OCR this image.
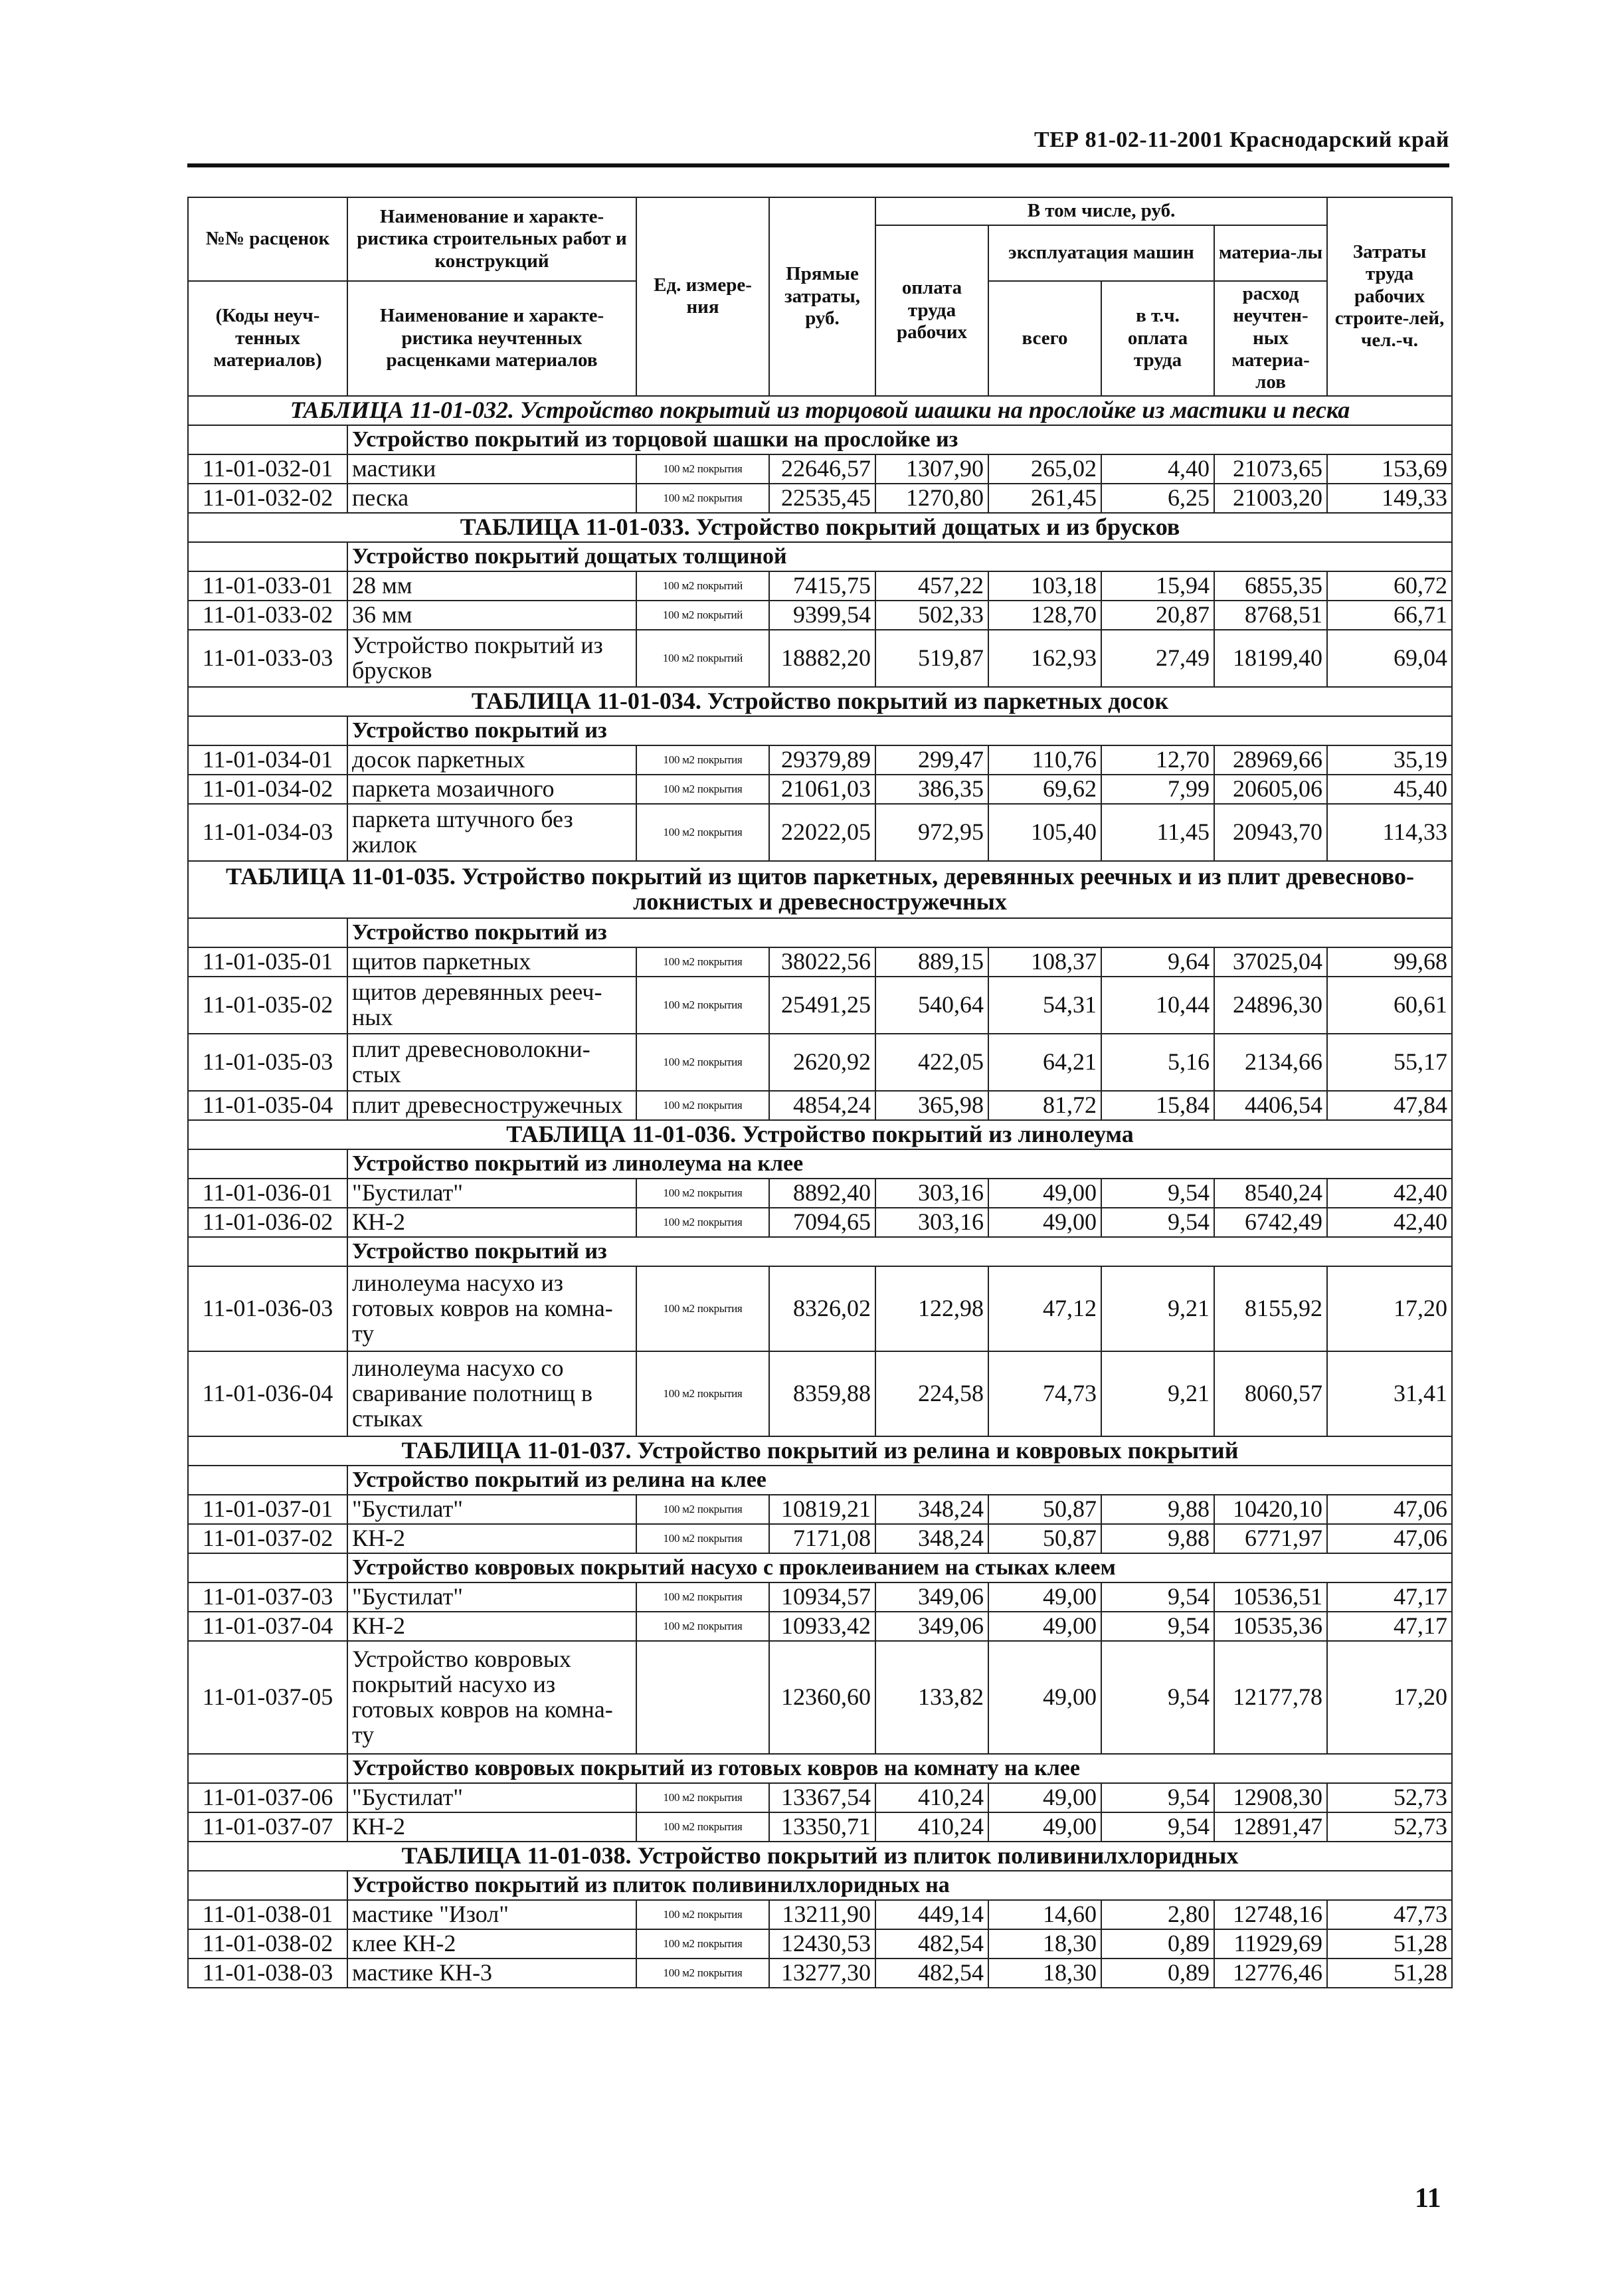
ТЕР 81-02-11-2001 Краснодарский край
№№ расценок	Наименование и характе-ристика строительных работ и конструкций	Ед. измере-ния	Прямые затраты, руб.	В том числе, руб.				Затраты труда рабочих строите-лей, чел.-ч.
				оплата труда рабочих	эксплуатация машин		материа-лы	

(Коды неуч-тенных материалов)	Наименование и характе-ристика неучтенных расценками материалов				всего	в т.ч. оплата труда	расход неучтен-ных материа-лов	

ТАБЛИЦА 11-01-032. Устройство покрытий из торцовой шашки на прослойке из мастики и песка								
	Устройство покрытий из торцовой шашки на прослойке из							
11-01-032-01	мастики	100 м2 покрытия	22646,57	1307,90	265,02	4,40	21073,65	153,69
11-01-032-02	песка	100 м2 покрытия	22535,45	1270,80	261,45	6,25	21003,20	149,33
ТАБЛИЦА 11-01-033. Устройство покрытий дощатых и из брусков								
	Устройство покрытий дощатых толщиной							
11-01-033-01	28 мм	100 м2 покрытий	7415,75	457,22	103,18	15,94	6855,35	60,72
11-01-033-02	36 мм	100 м2 покрытий	9399,54	502,33	128,70	20,87	8768,51	66,71
11-01-033-03	Устройство покрытий из брусков	100 м2 покрытий	18882,20	519,87	162,93	27,49	18199,40	69,04
ТАБЛИЦА 11-01-034. Устройство покрытий из паркетных досок								
	Устройство покрытий из							
11-01-034-01	досок паркетных	100 м2 покрытия	29379,89	299,47	110,76	12,70	28969,66	35,19
11-01-034-02	паркета мозаичного	100 м2 покрытия	21061,03	386,35	69,62	7,99	20605,06	45,40
11-01-034-03	паркета штучного без жилок	100 м2 покрытия	22022,05	972,95	105,40	11,45	20943,70	114,33
ТАБЛИЦА 11-01-035. Устройство покрытий из щитов паркетных, деревянных реечных и из плит древесново-локнистых и древесностружечных								
	Устройство покрытий из							
11-01-035-01	щитов паркетных	100 м2 покрытия	38022,56	889,15	108,37	9,64	37025,04	99,68
11-01-035-02	щитов деревянных рееч-ных	100 м2 покрытия	25491,25	540,64	54,31	10,44	24896,30	60,61
11-01-035-03	плит древесноволокни-стых	100 м2 покрытия	2620,92	422,05	64,21	5,16	2134,66	55,17
11-01-035-04	плит древесностружечных	100 м2 покрытия	4854,24	365,98	81,72	15,84	4406,54	47,84
ТАБЛИЦА 11-01-036. Устройство покрытий из линолеума								
	Устройство покрытий из линолеума на клее							
11-01-036-01	"Бустилат"	100 м2 покрытия	8892,40	303,16	49,00	9,54	8540,24	42,40
11-01-036-02	КН-2	100 м2 покрытия	7094,65	303,16	49,00	9,54	6742,49	42,40
	Устройство покрытий из							
11-01-036-03	линолеума насухо из готовых ковров на комна-ту	100 м2 покрытия	8326,02	122,98	47,12	9,21	8155,92	17,20
11-01-036-04	линолеума насухо со сваривание полотнищ в стыках	100 м2 покрытия	8359,88	224,58	74,73	9,21	8060,57	31,41
ТАБЛИЦА 11-01-037. Устройство покрытий из релина и ковровых покрытий								
	Устройство покрытий из релина на клее							
11-01-037-01	"Бустилат"	100 м2 покрытия	10819,21	348,24	50,87	9,88	10420,10	47,06
11-01-037-02	КН-2	100 м2 покрытия	7171,08	348,24	50,87	9,88	6771,97	47,06
	Устройство ковровых покрытий насухо с проклеиванием на стыках клеем							
11-01-037-03	"Бустилат"	100 м2 покрытия	10934,57	349,06	49,00	9,54	10536,51	47,17
11-01-037-04	КН-2	100 м2 покрытия	10933,42	349,06	49,00	9,54	10535,36	47,17
11-01-037-05	Устройство ковровых покрытий насухо из готовых ковров на комна-ту		12360,60	133,82	49,00	9,54	12177,78	17,20
	Устройство ковровых покрытий из готовых ковров на комнату на клее							
11-01-037-06	"Бустилат"	100 м2 покрытия	13367,54	410,24	49,00	9,54	12908,30	52,73
11-01-037-07	КН-2	100 м2 покрытия	13350,71	410,24	49,00	9,54	12891,47	52,73
ТАБЛИЦА 11-01-038. Устройство покрытий из плиток поливинилхлоридных								
	Устройство покрытий из плиток поливинилхлоридных на							
11-01-038-01	мастике "Изол"	100 м2 покрытия	13211,90	449,14	14,60	2,80	12748,16	47,73
11-01-038-02	клее КН-2	100 м2 покрытия	12430,53	482,54	18,30	0,89	11929,69	51,28
11-01-038-03	мастике КН-3	100 м2 покрытия	13277,30	482,54	18,30	0,89	12776,46	51,28
11
